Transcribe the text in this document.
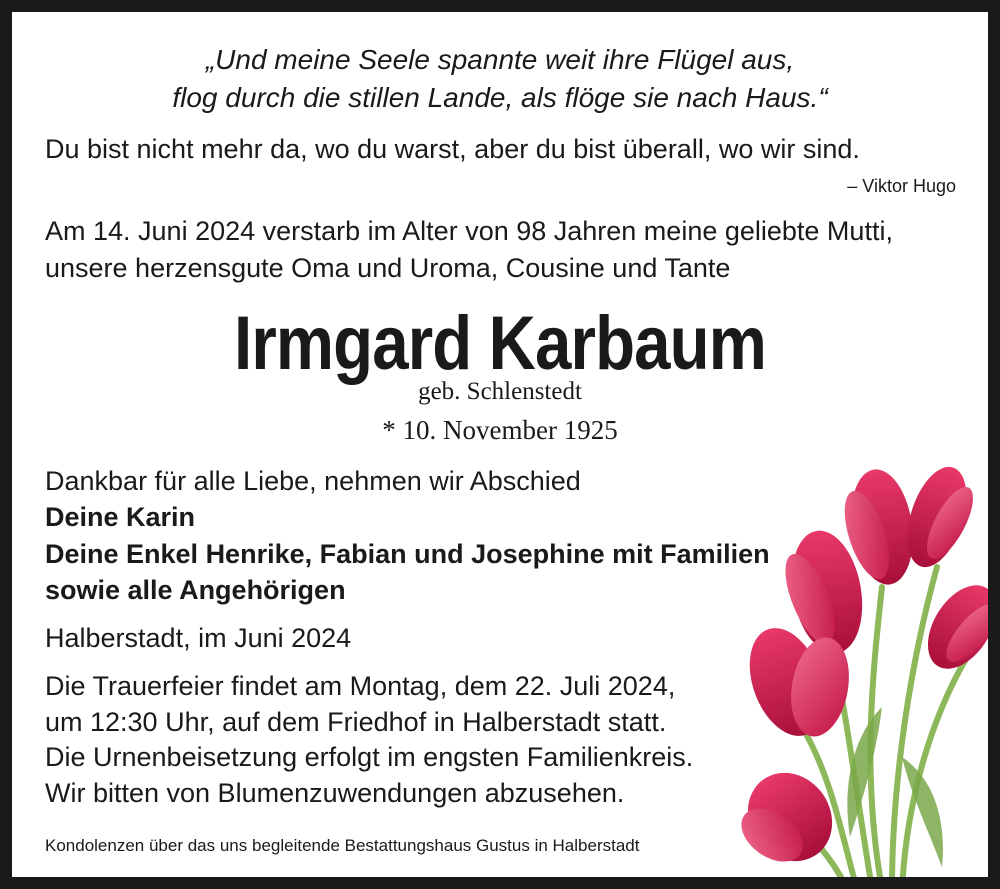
„Und meine Seele spannte weit ihre Flügel aus,

flog durch die stillen Lande, als flöge sie nach Haus.“

Du bist nicht mehr da, wo du warst, aber du bist überall, wo wir sind.

– Viktor Hugo

Am 14. Juni 2024 verstarb im Alter von 98 Jahren meine geliebte Mutti,

unsere herzensgute Oma und Uroma, Cousine und Tante

Irmgard Karbaum

geb. Schlenstedt

* 10. November 1925

Dankbar für alle Liebe, nehmen wir Abschied

Deine Karin

Deine Enkel Henrike, Fabian und Josephine mit Familien

sowie alle Angehörigen

Halberstadt, im Juni 2024

Die Trauerfeier findet am Montag, dem 22. Juli 2024,

um 12:30 Uhr, auf dem Friedhof in Halberstadt statt.

Die Urnenbeisetzung erfolgt im engsten Familienkreis.

Wir bitten von Blumenzuwendungen abzusehen.

Kondolenzen über das uns begleitende Bestattungshaus Gustus in Halberstadt
